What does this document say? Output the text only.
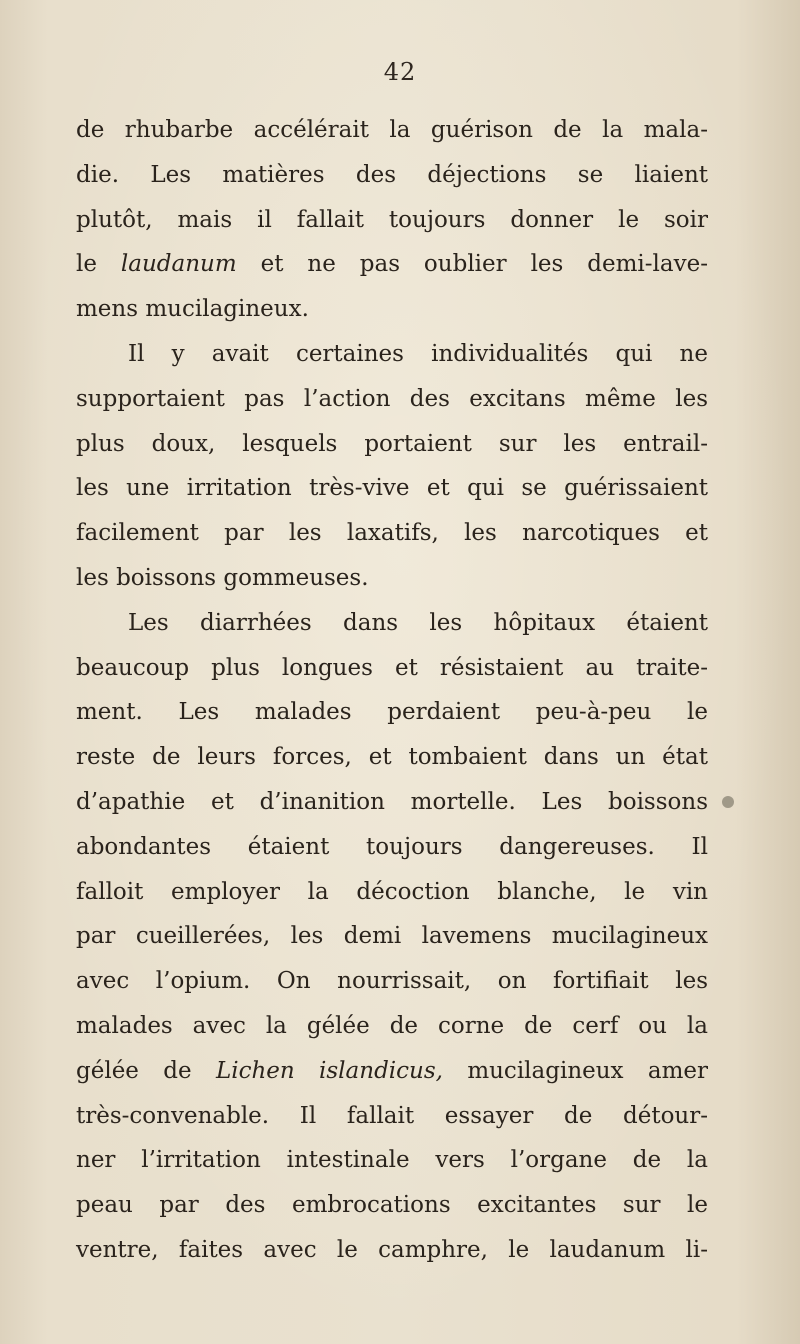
42
de rhubarbe accélérait la guérison de la mala-
die. Les matières des déjections se liaient
plutôt, mais il fallait toujours donner le soir
le laudanum et ne pas oublier les demi-lave-
mens mucilagineux.
Il y avait certaines individualités qui ne
supportaient pas l’action des excitans même les
plus doux, lesquels portaient sur les entrail-
les une irritation très-vive et qui se guérissaient
facilement par les laxatifs, les narcotiques et
les boissons gommeuses.
Les diarrhées dans les hôpitaux étaient
beaucoup plus longues et résistaient au traite-
ment. Les malades perdaient peu-à-peu le
reste de leurs forces, et tombaient dans un état
d’apathie et d’inanition mortelle. Les boissons
abondantes étaient toujours dangereuses. Il
falloit employer la décoction blanche, le vin
par cueillerées, les demi lavemens mucilagineux
avec l’opium. On nourrissait, on fortifiait les
malades avec la gélée de corne de cerf ou la
gélée de Lichen islandicus, mucilagineux amer
très-convenable. Il fallait essayer de détour-
ner l’irritation intestinale vers l’organe de la
peau par des embrocations excitantes sur le
ventre, faites avec le camphre, le laudanum li-
